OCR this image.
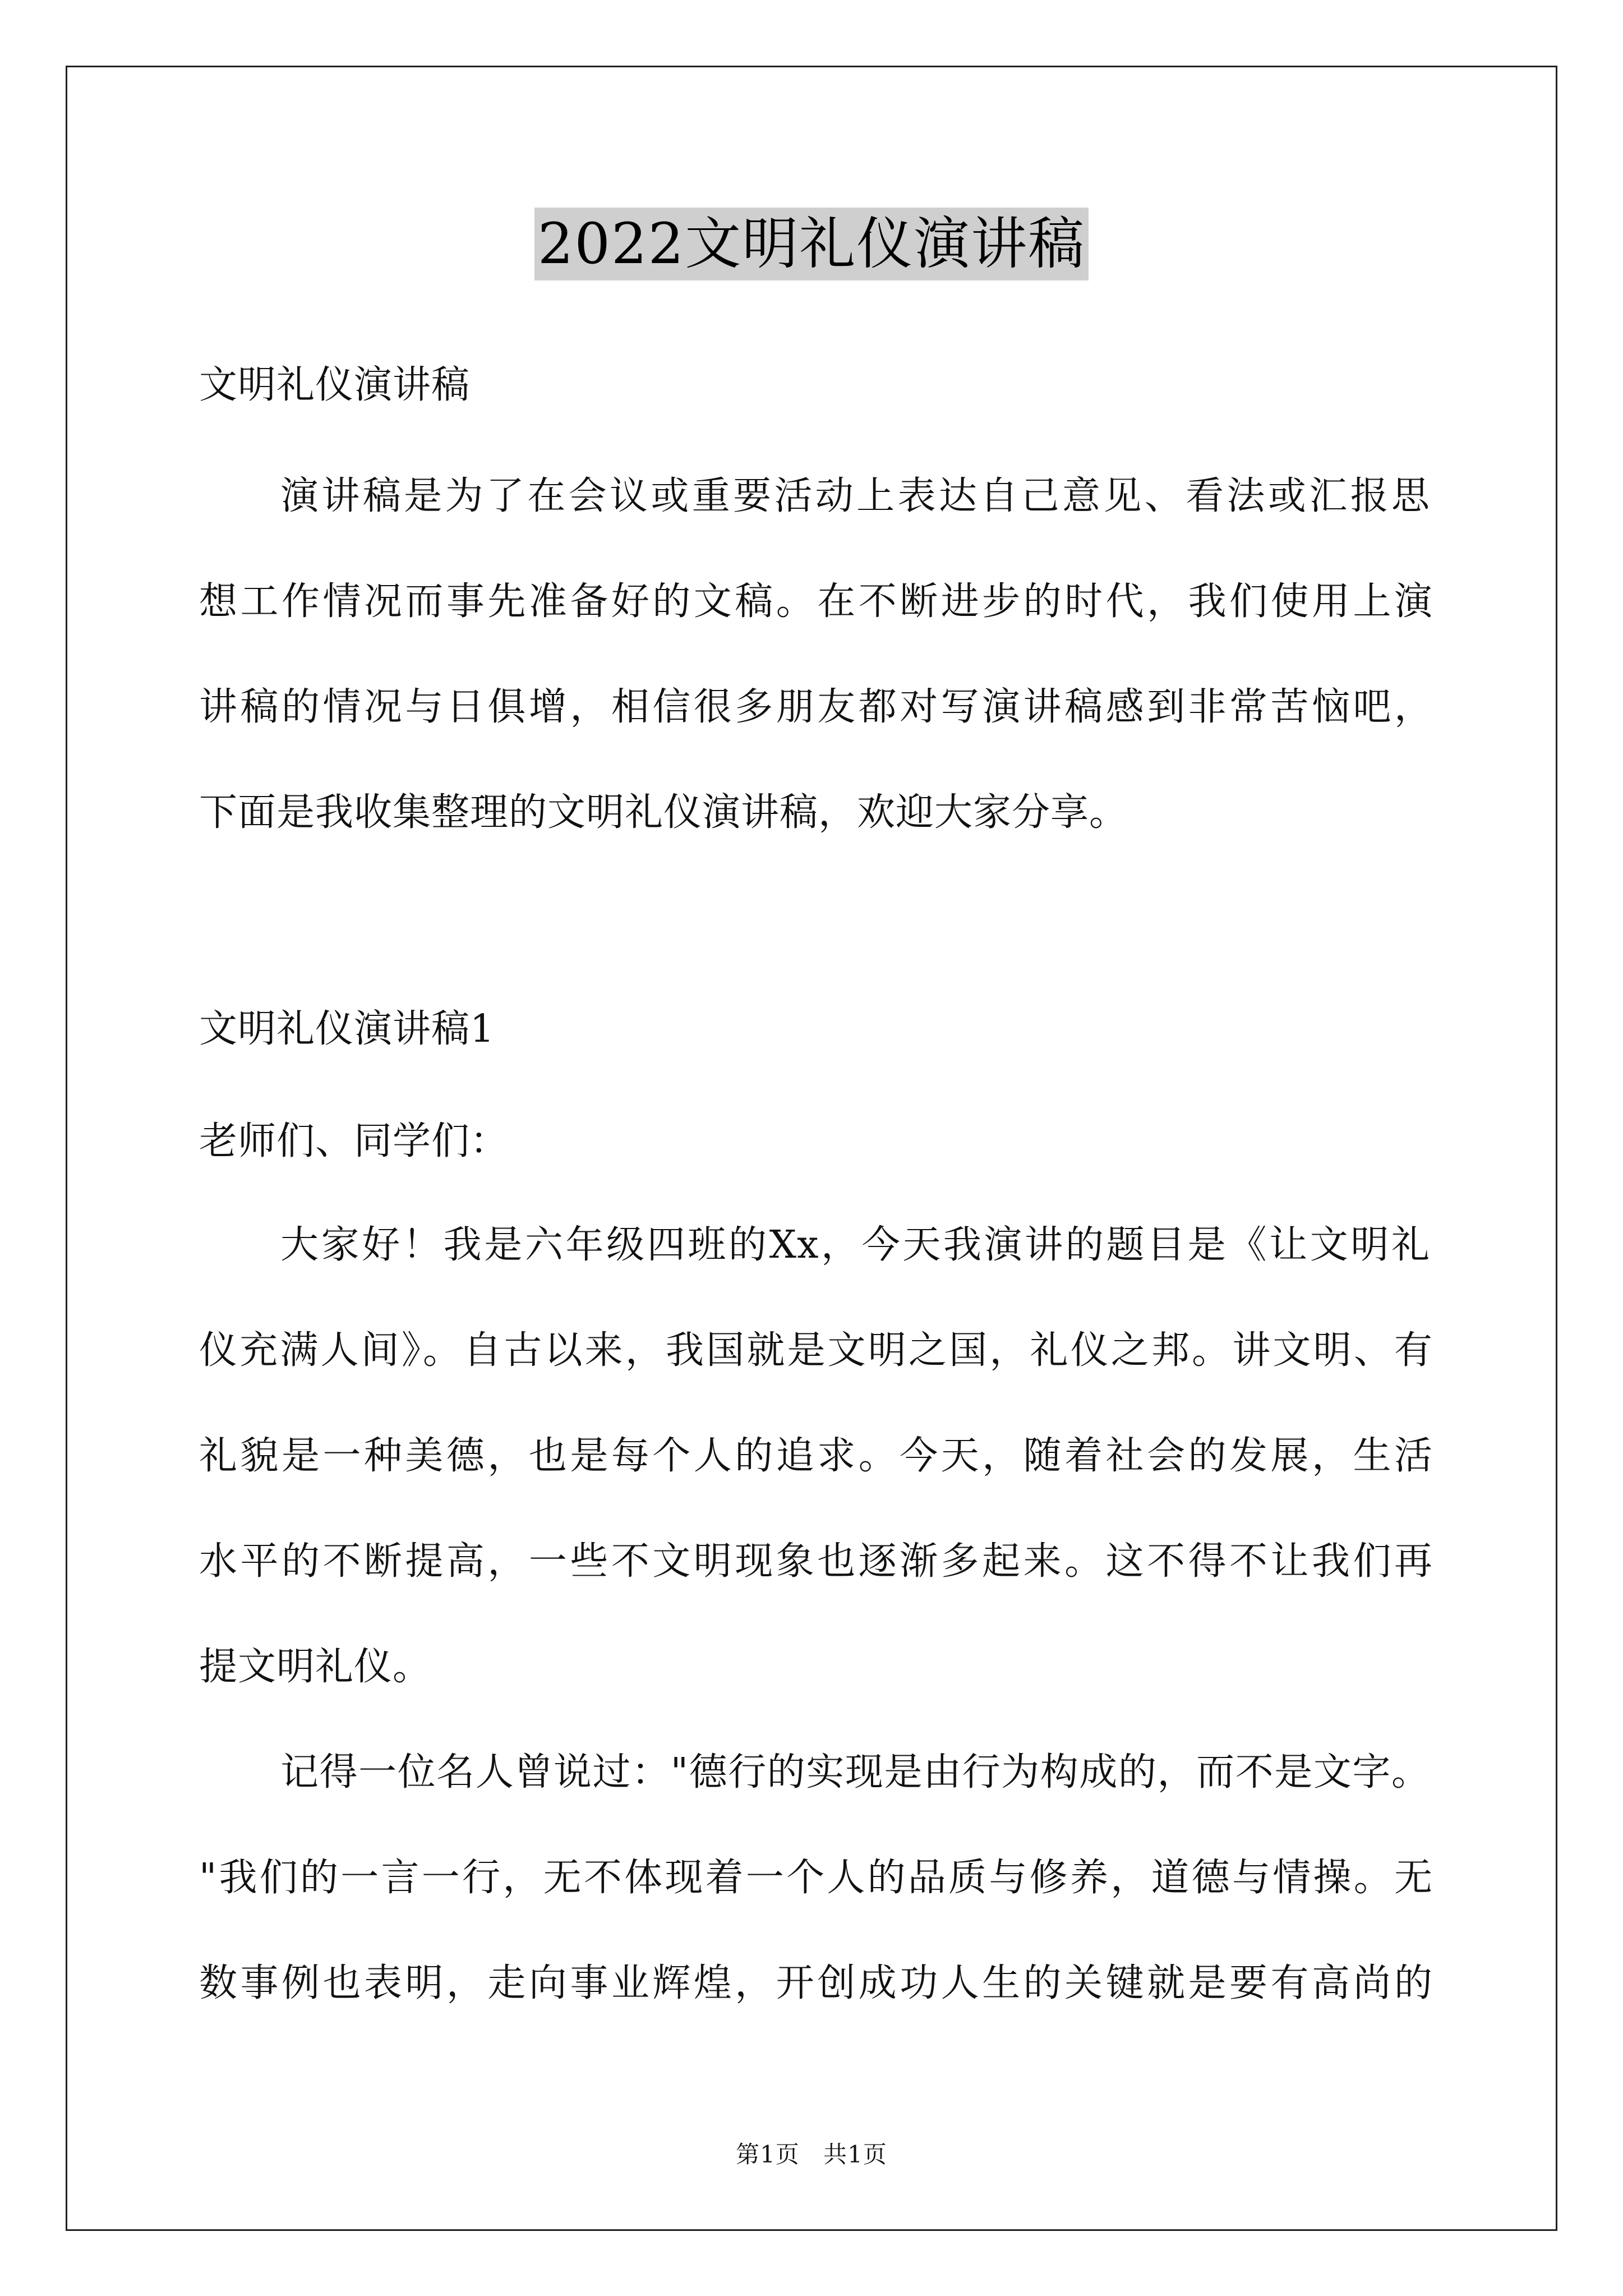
2022文明礼仪演讲稿
文明礼仪演讲稿
演讲稿是为了在会议或重要活动上表达自己意见、看法或汇报思
想工作情况而事先准备好的文稿。在不断进步的时代，我们使用上演
讲稿的情况与日俱增，相信很多朋友都对写演讲稿感到非常苦恼吧，
下面是我收集整理的文明礼仪演讲稿，欢迎大家分享。
文明礼仪演讲稿1
老师们、同学们：
大家好！我是六年级四班的Xx，今天我演讲的题目是《让文明礼
仪充满人间》。自古以来，我国就是文明之国，礼仪之邦。讲文明、有
礼貌是一种美德，也是每个人的追求。今天，随着社会的发展，生活
水平的不断提高，一些不文明现象也逐渐多起来。这不得不让我们再
提文明礼仪。
记得一位名人曾说过："德行的实现是由行为构成的，而不是文字。
"我们的一言一行，无不体现着一个人的品质与修养，道德与情操。无
数事例也表明，走向事业辉煌，开创成功人生的关键就是要有高尚的
第1页 共1页
